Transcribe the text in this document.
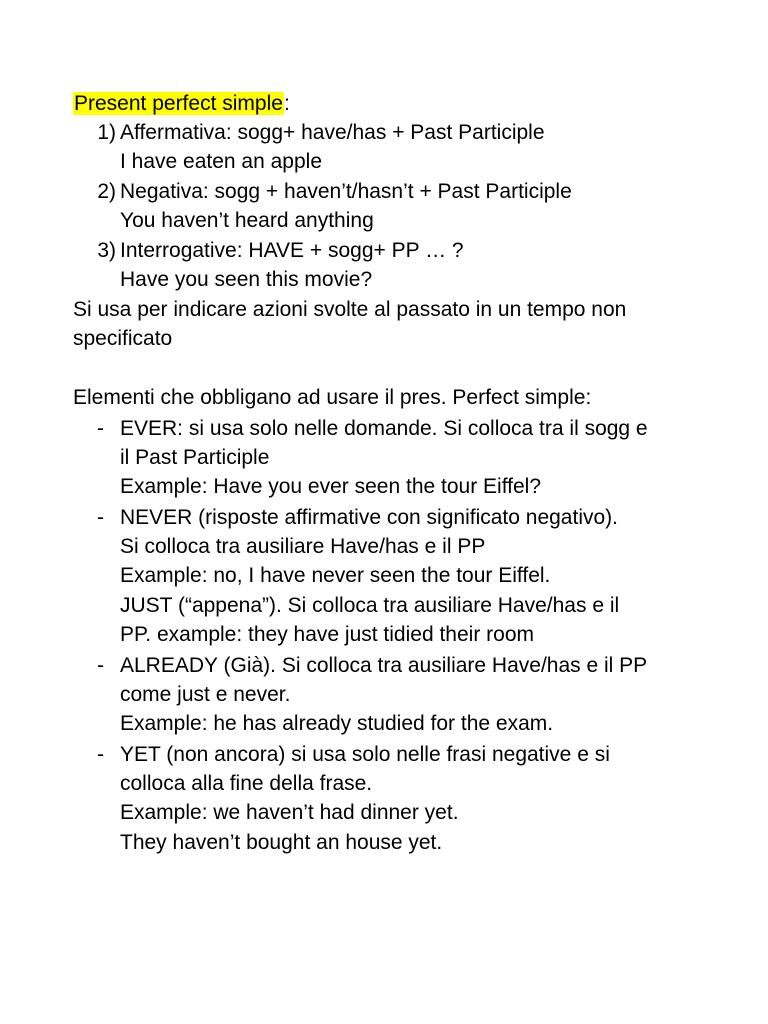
Present perfect simple:
1) Affermativa: sogg+ have/has + Past Participle
I have eaten an apple
2) Negativa: sogg + haven’t/hasn’t + Past Participle
You haven’t heard anything
3) Interrogative: HAVE + sogg+ PP … ?
Have you seen this movie?
Si usa per indicare azioni svolte al passato in un tempo non
specificato
Elementi che obbligano ad usare il pres. Perfect simple:
- EVER: si usa solo nelle domande. Si colloca tra il sogg e
il Past Participle
Example: Have you ever seen the tour Eiffel?
- NEVER (risposte affirmative con significato negativo).
Si colloca tra ausiliare Have/has e il PP
Example: no, I have never seen the tour Eiffel.
JUST (“appena”). Si colloca tra ausiliare Have/has e il
PP. example: they have just tidied their room
- ALREADY (Già). Si colloca tra ausiliare Have/has e il PP
come just e never.
Example: he has already studied for the exam.
- YET (non ancora) si usa solo nelle frasi negative e si
colloca alla fine della frase.
Example: we haven’t had dinner yet.
They haven’t bought an house yet.
